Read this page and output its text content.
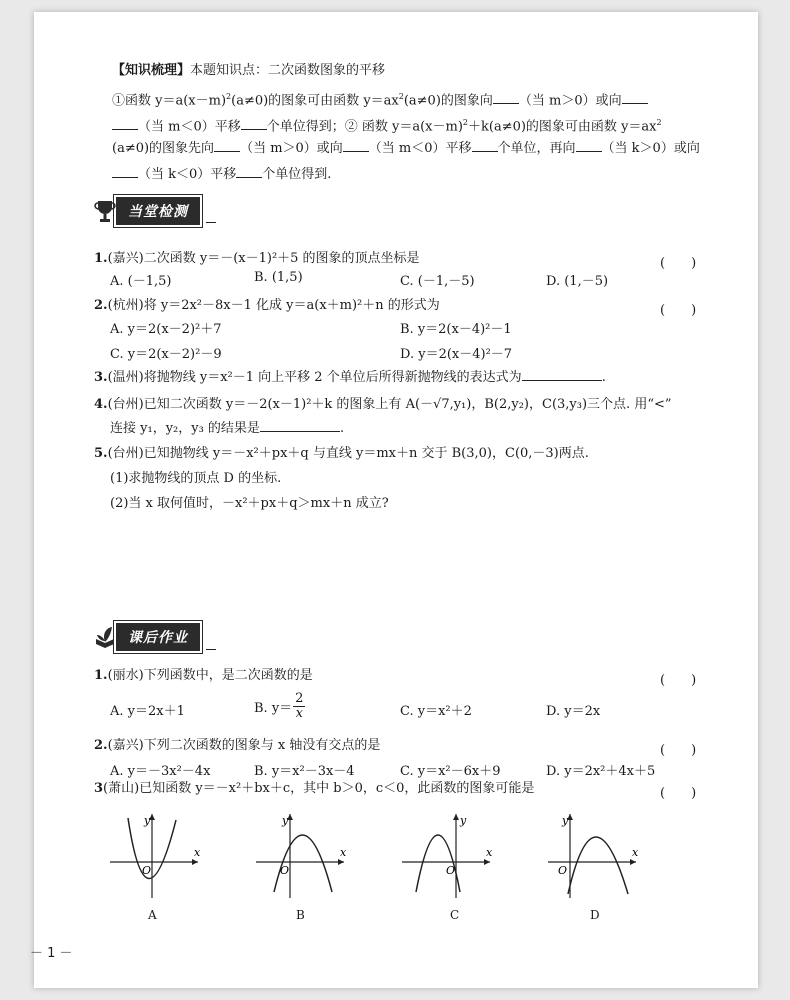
【知识梳理】本题知识点：二次函数图象的平移
①函数 $y=a(x-m)^2(a\ne 0)$的图象可由函数 $y=ax^2(a\ne 0)$的图象向 （当 m＞0）或向
（当 m＜0）平移 个单位得到；② 函数 $y=a(x-m)^2+k(a\ne 0)$的图象可由函数 $y=ax^2$
(a≠0)的图象先向 （当 m＞0）或向 （当 m＜0）平移 个单位，再向 （当 k＞0）或向
（当 k＜0）平移 个单位得到.
当堂检测
1.(嘉兴)二次函数 y＝－(x－1)²＋5 的图象的顶点坐标是	(　　)
A. (－1,5)	B. (1,5)	C. (－1,－5)	D. (1,－5)
2.(杭州)将 y＝2x²－8x－1 化成 y＝a(x＋m)²＋n 的形式为	(　　)
A. y＝2(x－2)²＋7	B. y＝2(x－4)²－1
C. y＝2(x－2)²－9	D. y＝2(x－4)²－7
3.(温州)将抛物线 y＝x²－1 向上平移 2 个单位后所得新抛物线的表达式为	.
4.(台州)已知二次函数 y＝－2(x－1)²＋k 的图象上有 A(－√7,y₁)，B(2,y₂)，C(3,y₃)三个点. 用“<”
连接 y₁，y₂，y₃ 的结果是	.
5.(台州)已知抛物线 y＝－x²＋px＋q 与直线 y＝mx＋n 交于 B(3,0)，C(0,－3)两点.
(1)求抛物线的顶点 D 的坐标.
(2)当 x 取何值时，－x²＋px＋q＞mx＋n 成立?
课后作业
1.(丽水)下列函数中，是二次函数的是	(　　)
A. y＝2x＋1	B. $y= \frac{2}{x}$	C. y＝x²＋2	D. y＝2x
2.(嘉兴)下列二次函数的图象与 x 轴没有交点的是	(　　)
A. y＝－3x²－4x	B. y＝x²－3x－4	C. y＝x²－6x＋9	D. y＝2x²＋4x＋5
3(萧山)已知函数 y＝－x²＋bx＋c，其中 b＞0，c＜0，此函数的图象可能是	(　　)
y
x
O
A
y
x
O
B
y
x
O
C
y
x
O
D
－ 1 －
